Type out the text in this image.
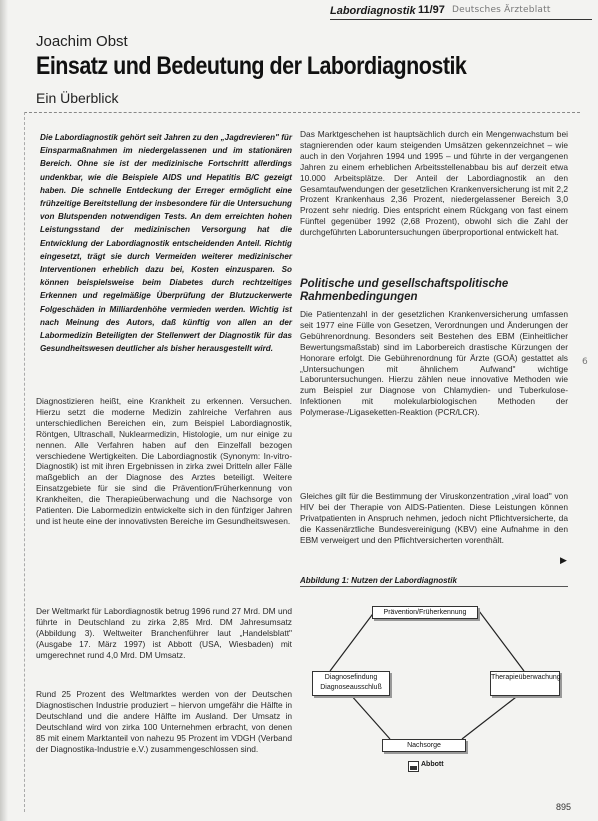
Labordiagnostik 11/97 Deutsches Ärzteblatt
Joachim Obst
Einsatz und Bedeutung der Labordiagnostik
Ein Überblick

Die Labordiagnostik gehört seit Jahren zu den „Jagdrevieren" für Einsparmaßnahmen im niedergelassenen und im stationären Bereich. Ohne sie ist der medizinische Fortschritt allerdings undenkbar, wie die Beispiele AIDS und Hepatitis B/C gezeigt haben. Die schnelle Entdeckung der Erreger ermöglicht eine frühzeitige Bereitstellung der insbesondere für die Untersuchung von Blutspenden notwendigen Tests. An dem erreichten hohen Leistungsstand der medizinischen Versorgung hat die Entwicklung der Labordiagnostik entscheidenden Anteil. Richtig eingesetzt, trägt sie durch Vermeiden weiterer medizinischer Interventionen erheblich dazu bei, Kosten einzusparen. So können beispielsweise beim Diabetes durch rechtzeitiges Erkennen und regelmäßige Überprüfung der Blutzuckerwerte Folgeschäden in Milliardenhöhe vermieden werden. Wichtig ist nach Meinung des Autors, daß künftig von allen an der Labormedizin Beteiligten der Stellenwert der Diagnostik für das Gesundheitswesen deutlicher als bisher herausgestellt wird.

Diagnostizieren heißt, eine Krankheit zu erkennen. Versuchen. Hierzu setzt die moderne Medizin zahlreiche Verfahren aus unterschiedlichen Bereichen ein, zum Beispiel Labordiagnostik, Röntgen, Ultraschall, Nuklearmedizin, Histologie, um nur einige zu nennen. Alle Verfahren haben auf den Einzelfall bezogen verschiedene Wertigkeiten. Die Labordiagnostik (Synonym: In-vitro-Diagnostik) ist mit ihren Ergebnissen in zirka zwei Dritteln aller Fälle maßgeblich an der Diagnose des Arztes beteiligt. Weitere Einsatzgebiete für sie sind die Prävention/Früherkennung von Krankheiten, die Therapieüberwachung und die Nachsorge von Patienten. Die Labormedizin entwickelte sich in den fünfziger Jahren und ist heute eine der innovativsten Bereiche im Gesundheitswesen.

Der Weltmarkt für Labordiagnostik betrug 1996 rund 27 Mrd. DM und führte in Deutschland zu zirka 2,85 Mrd. DM Jahresumsatz (Abbildung 3). Weltweiter Branchenführer laut „Handelsblatt" (Ausgabe 17. März 1997) ist Abbott (USA, Wiesbaden) mit umgerechnet rund 4,0 Mrd. DM Umsatz.

Rund 25 Prozent des Weltmarktes werden von der Deutschen Diagnostischen Industrie produziert – hiervon umgefähr die Hälfte in Deutschland und die andere Hälfte im Ausland. Der Umsatz in Deutschland wird von zirka 100 Unternehmen erbracht, von denen 85 mit einem Marktanteil von nahezu 95 Prozent im VDGH (Verband der Diagnostika-Industrie e.V.) zusammengeschlossen sind.

Das Marktgeschehen ist hauptsächlich durch ein Mengenwachstum bei stagnierenden oder kaum steigenden Umsätzen gekennzeichnet – wie auch in den Vorjahren 1994 und 1995 – und führte in der vergangenen Jahren zu einem erheblichen Arbeitsstellenabbau bis auf derzeit etwa 10.000 Arbeitsplätze. Der Anteil der Labordiagnostik an den Gesamtaufwendungen der gesetzlichen Krankenversicherung ist mit 2,2 Prozent Krankenhaus 2,36 Prozent, niedergelassener Bereich 3,0 Prozent sehr niedrig. Dies entspricht einem Rückgang von fast einem Fünftel gegenüber 1992 (2,68 Prozent), obwohl sich die Zahl der durchgeführten Laboruntersuchungen überproportional entwickelt hat.

Politische und gesellschaftspolitische Rahmenbedingungen

Die Patientenzahl in der gesetzlichen Krankenversicherung umfassen seit 1977 eine Fülle von Gesetzen, Verordnungen und Änderungen der Gebührenordnung. Besonders seit Bestehen des EBM (Einheitlicher Bewertungsmaßstab) sind im Laborbereich drastische Kürzungen der Honorare erfolgt. Die Gebührenordnung für Ärzte (GOÄ) gestattet als „Untersuchungen mit ähnlichem Aufwand" wichtige Laboruntersuchungen. Hierzu zählen neue innovative Methoden wie zum Beispiel zur Diagnose von Chlamydien- und Tuberkulose-Infektionen mit molekularbiologischen Methoden der Polymerase-/Ligaseketten-Reaktion (PCR/LCR).

Gleiches gilt für die Bestimmung der Viruskonzentration „viral load" von HIV bei der Therapie von AIDS-Patienten. Diese Leistungen können Privatpatienten in Anspruch nehmen, jedoch nicht Pflichtversicherte, da die Kassenärztliche Bundesvereinigung (KBV) eine Aufnahme in den EBM verweigert und den Pflichtversicherten vorenthält.

▶
Abbildung 1: Nutzen der Labordiagnostik
Prävention/Früherkennung
Diagnosefindung Diagnoseausschluß
Therapieüberwachung
Nachsorge
Abbott
895
6
